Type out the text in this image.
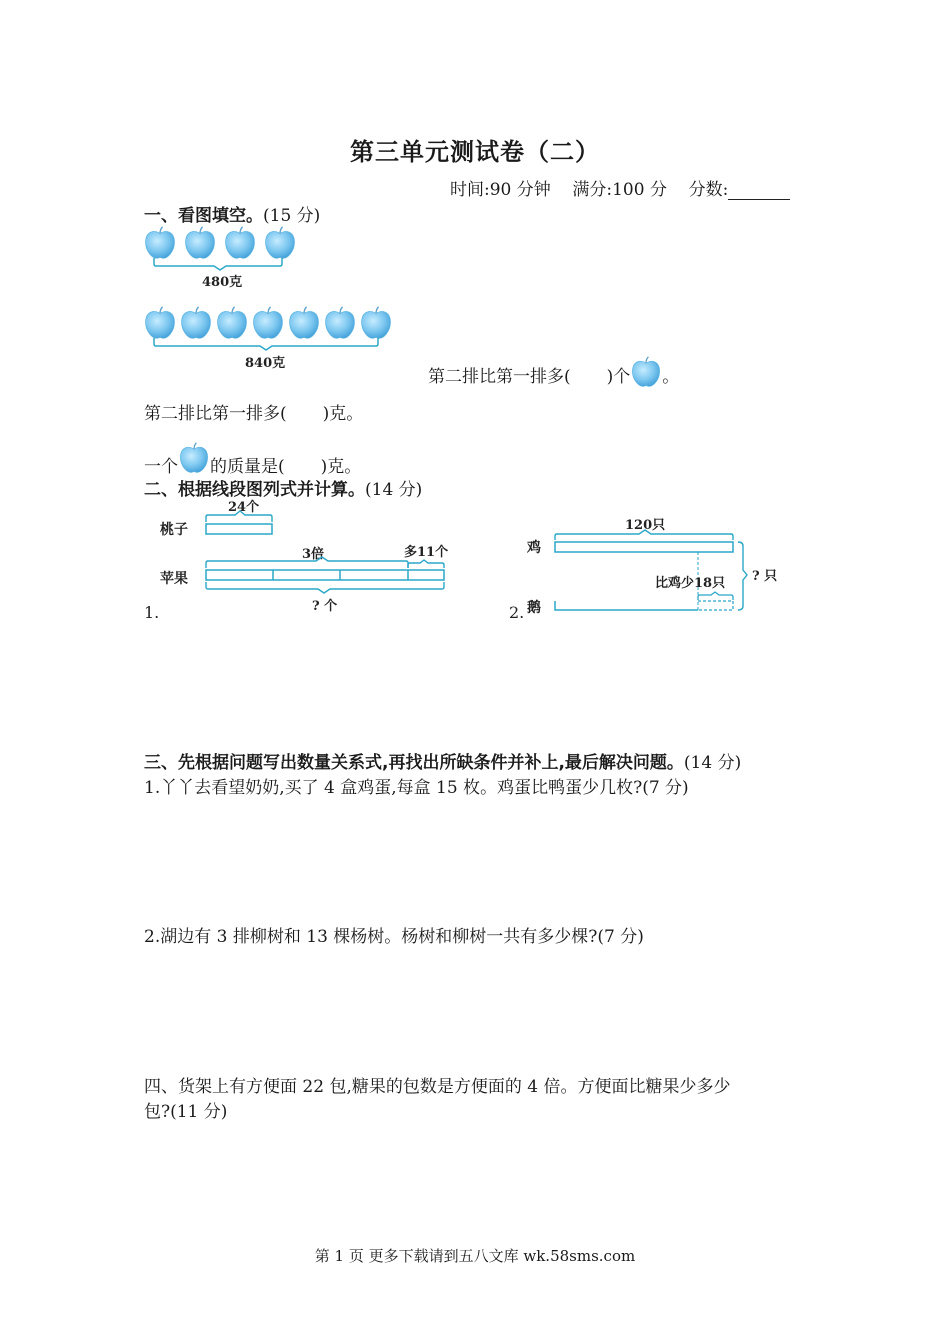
第三单元测试卷（二）
时间:90 分钟 满分:100 分 分数:
一、看图填空。(15 分)
480克
840克
第二排比第一排多( )个 。
第二排比第一排多( )克。
一个 的质量是( )克。
二、根据线段图列式并计算。(14 分)
24个
桃子
3倍	多11个
苹果
? 个
1.
120只
鸡
比鸡少18只
鹅
? 只
2.
三、先根据问题写出数量关系式,再找出所缺条件并补上,最后解决问题。(14 分)
1.丫丫去看望奶奶,买了 4 盒鸡蛋,每盒 15 枚。鸡蛋比鸭蛋少几枚?(7 分)
2.湖边有 3 排柳树和 13 棵杨树。杨树和柳树一共有多少棵?(7 分)
四、货架上有方便面 22 包,糖果的包数是方便面的 4 倍。方便面比糖果少多少
包?(11 分)
第 1 页 更多下载请到五八文库 wk.58sms.com
